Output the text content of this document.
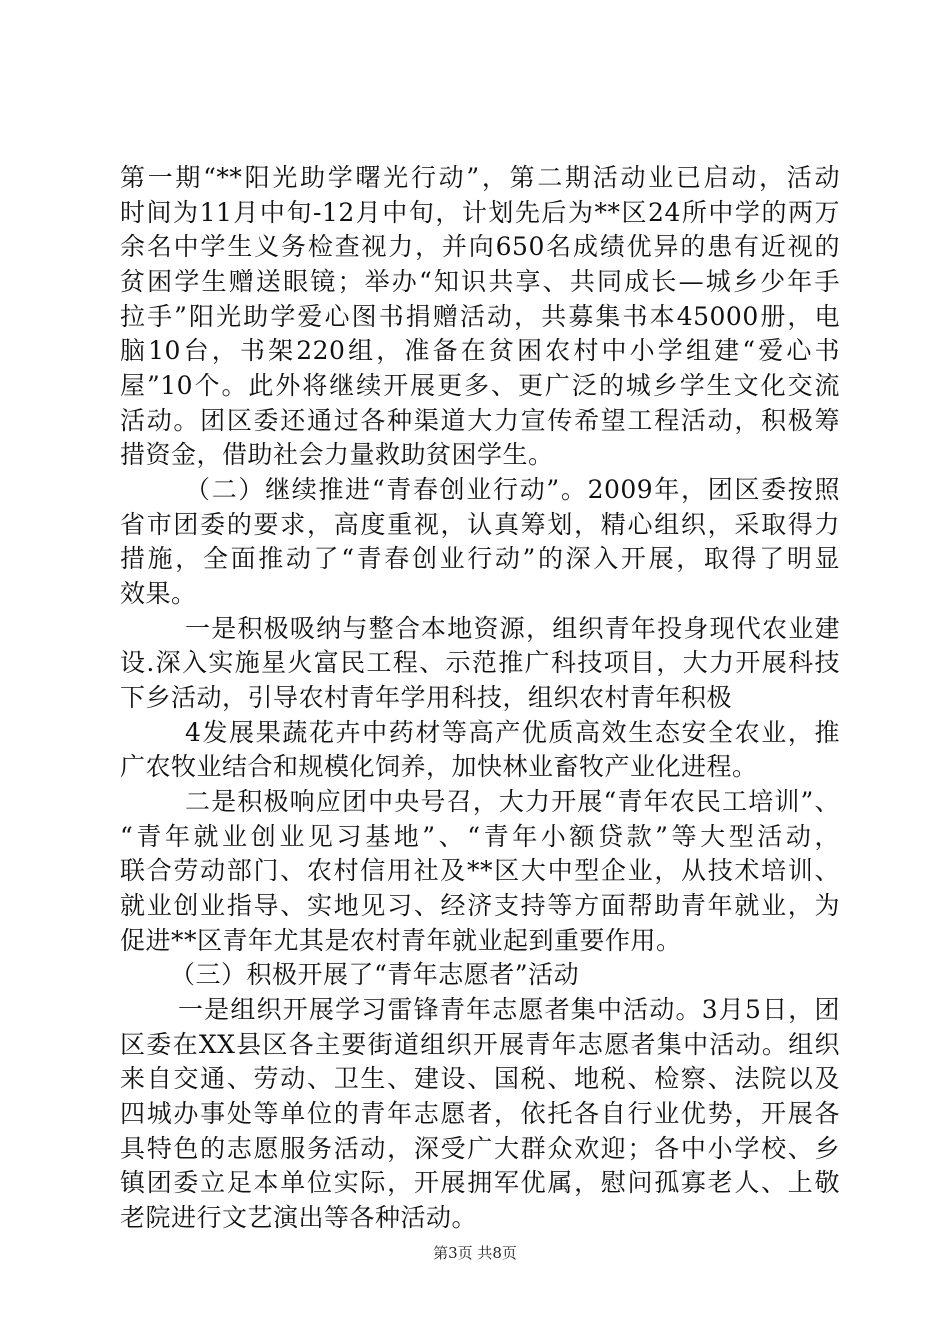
第一期“**阳光助学曙光行动”，第二期活动业已启动，活动
时间为11月中旬-12月中旬，计划先后为**区24所中学的两万
余名中学生义务检查视力，并向650名成绩优异的患有近视的
贫困学生赠送眼镜；举办“知识共享、共同成长—城乡少年手
拉手”阳光助学爱心图书捐赠活动，共募集书本45000册，电
脑10台，书架220组，准备在贫困农村中小学组建“爱心书
屋”10个。此外将继续开展更多、更广泛的城乡学生文化交流
活动。团区委还通过各种渠道大力宣传希望工程活动，积极筹
措资金，借助社会力量救助贫困学生。
（二）继续推进“青春创业行动”。2009年，团区委按照
省市团委的要求，高度重视，认真筹划，精心组织，采取得力
措施，全面推动了“青春创业行动”的深入开展，取得了明显
效果。
一是积极吸纳与整合本地资源，组织青年投身现代农业建
设.深入实施星火富民工程、示范推广科技项目，大力开展科技
下乡活动，引导农村青年学用科技，组织农村青年积极
4发展果蔬花卉中药材等高产优质高效生态安全农业，推
广农牧业结合和规模化饲养，加快林业畜牧产业化进程。
二是积极响应团中央号召，大力开展“青年农民工培训”、
“青年就业创业见习基地”、“青年小额贷款”等大型活动，
联合劳动部门、农村信用社及**区大中型企业，从技术培训、
就业创业指导、实地见习、经济支持等方面帮助青年就业，为
促进**区青年尤其是农村青年就业起到重要作用。
（三）积极开展了“青年志愿者”活动
一是组织开展学习雷锋青年志愿者集中活动。3月5日，团
区委在XX县区各主要街道组织开展青年志愿者集中活动。组织
来自交通、劳动、卫生、建设、国税、地税、检察、法院以及
四城办事处等单位的青年志愿者，依托各自行业优势，开展各
具特色的志愿服务活动，深受广大群众欢迎；各中小学校、乡
镇团委立足本单位实际，开展拥军优属，慰问孤寡老人、上敬
老院进行文艺演出等各种活动。
第3页 共8页
